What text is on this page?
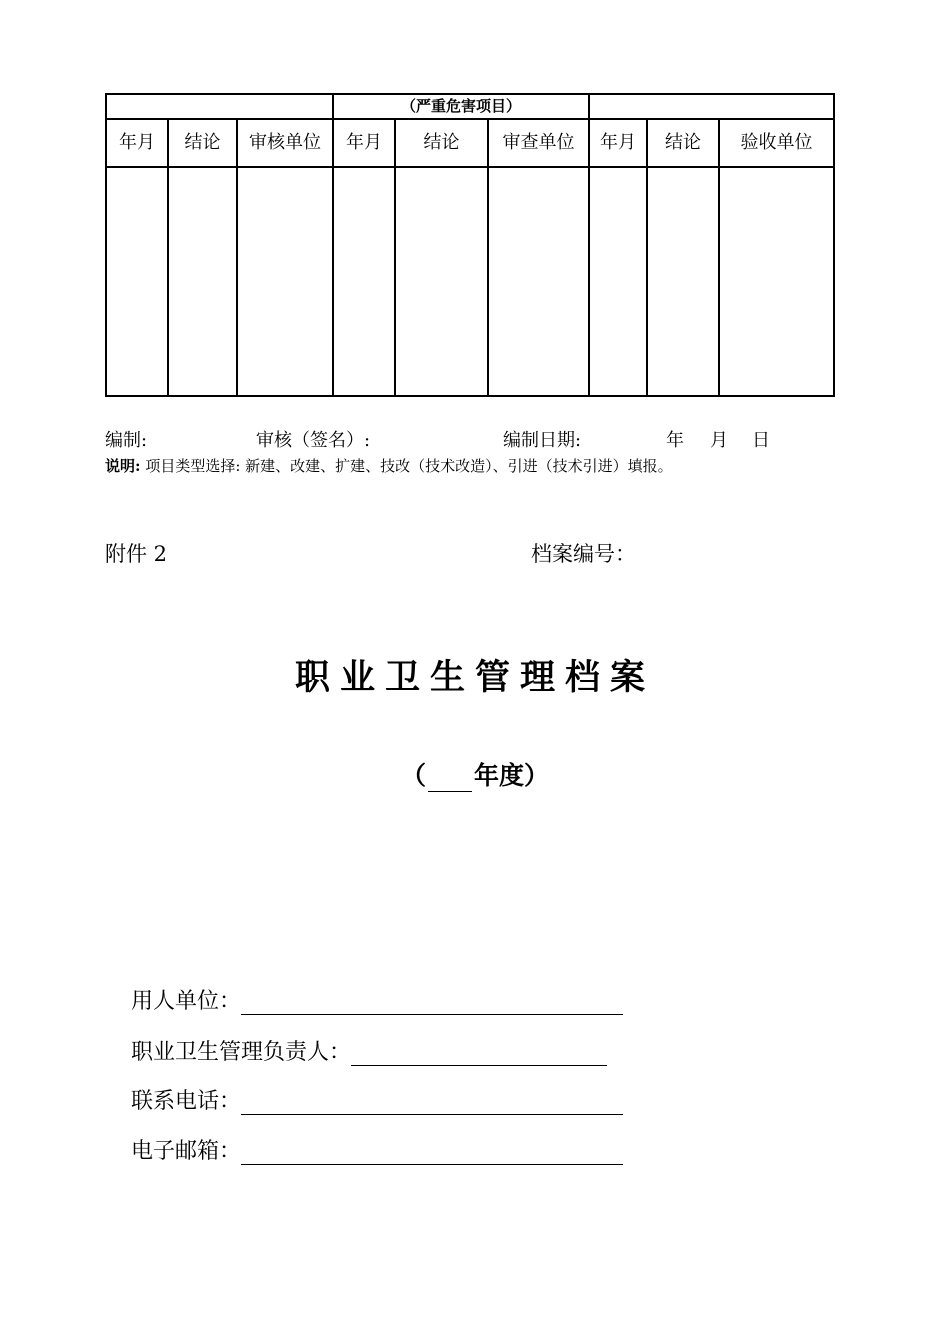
			（严重危害项目）					
年月	结论	审核单位	年月	结论	审查单位	年月	结论	验收单位

编制:	审核（签名）:	编制日期:	年 月 日
说明: 项目类型选择: 新建、改建、扩建、技改（技术改造）、引进（技术引进）填报。
附件 2	档案编号：
职业卫生管理档案
（ 年度）
用人单位：
职业卫生管理负责人：
联系电话：
电子邮箱：
